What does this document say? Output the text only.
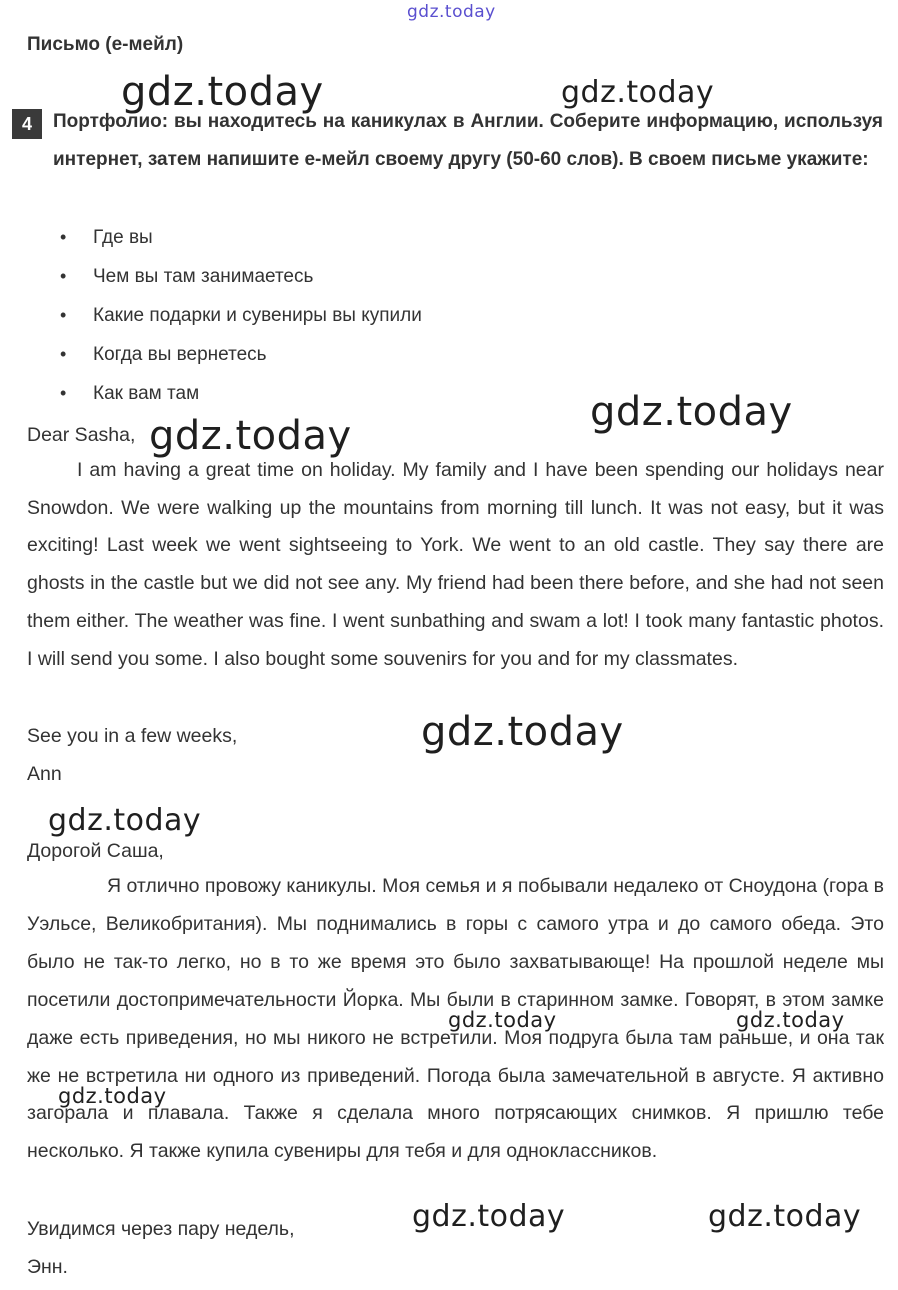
gdz.today
gdz.today	gdz.today
gdz.today
gdz.today
gdz.today
gdz.today
gdz.today	gdz.today
gdz.today
gdz.today	gdz.today
Письмо (е-мейл)
4	Портфолио: вы находитесь на каникулах в Англии. Соберите информацию, используя интернет, затем напишите е-мейл своему другу (50-60 слов). В своем письме укажите:
•	Где вы
•	Чем вы там занимаетесь
•	Какие подарки и сувениры вы купили
•	Когда вы вернетесь
•	Как вам там
Dear Sasha,

I am having a great time on holiday. My family and I have been spending our holidays near Snowdon. We were walking up the mountains from morning till lunch. It was not easy, but it was exciting! Last week we went sightseeing to York. We went to an old castle. They say there are ghosts in the castle but we did not see any. My friend had been there before, and she had not seen them either. The weather was fine. I went sunbathing and swam a lot! I took many fantastic photos. I will send you some. I also bought some souvenirs for you and for my classmates.

See you in a few weeks,
Ann
Дорогой Саша,

Я отлично провожу каникулы. Моя семья и я побывали недалеко от Сноудона (гора в Уэльсе, Великобритания). Мы поднимались в горы с самого утра и до самого обеда. Это было не так-то легко, но в то же время это было захватывающе! На прошлой неделе мы посетили достопримечательности Йорка. Мы были в старинном замке. Говорят, в этом замке даже есть приведения, но мы никого не встретили. Моя подруга была там раньше, и она так же не встретила ни одного из приведений. Погода была замечательной в августе. Я активно загорала и плавала. Также я сделала много потрясающих снимков. Я пришлю тебе несколько. Я также купила сувениры для тебя и для одноклассников.

Увидимся через пару недель,
Энн.
